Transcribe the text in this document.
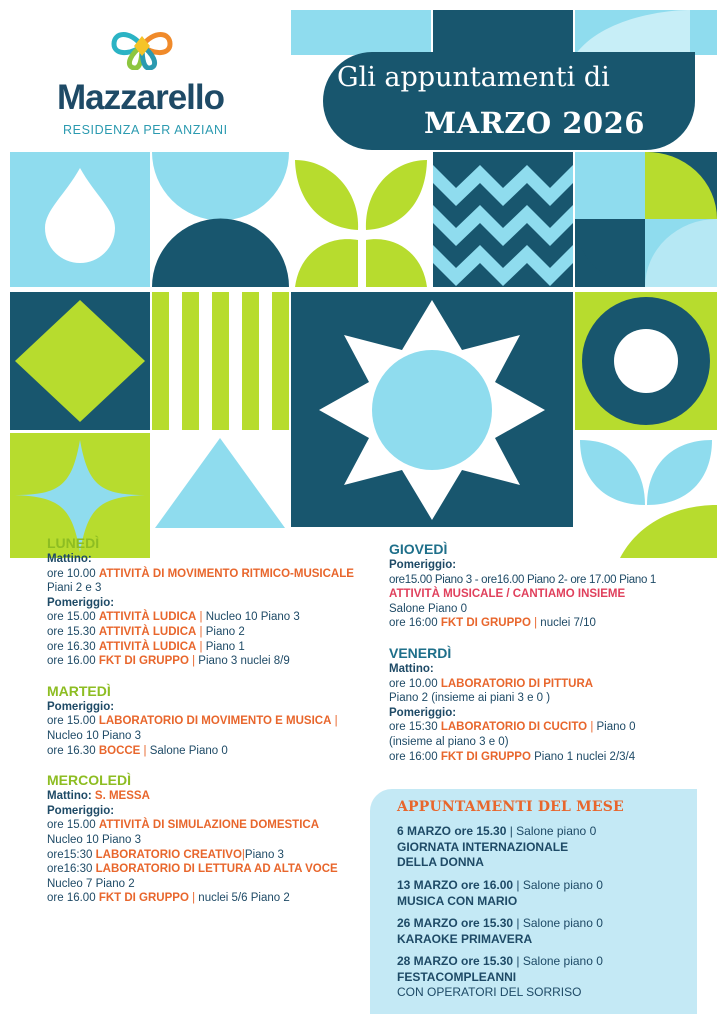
Mazzarello
RESIDENZA PER ANZIANI
Gli appuntamenti di
MARZO 2026

LUNEDÌ

Mattino:

ore 10.00 ATTIVITÀ DI MOVIMENTO RITMICO-MUSICALE

Piani 2 e 3

Pomeriggio:

ore 15.00 ATTIVITÀ LUDICA | Nucleo 10 Piano 3

ore 15.30 ATTIVITÀ LUDICA | Piano 2

ore 16.30 ATTIVITÀ LUDICA | Piano 1

ore 16.00 FKT DI GRUPPO | Piano 3 nuclei 8/9

MARTEDÌ

Pomeriggio:

ore 15.00 LABORATORIO DI MOVIMENTO E MUSICA |

Nucleo 10 Piano 3

ore 16.30 BOCCE | Salone Piano 0

MERCOLEDÌ

Mattino: S. MESSA

Pomeriggio:

ore 15.00 ATTIVITÀ DI SIMULAZIONE DOMESTICA

Nucleo 10 Piano 3

ore15:30 LABORATORIO CREATIVO|Piano 3

ore16:30 LABORATORIO DI LETTURA AD ALTA VOCE

Nucleo 7 Piano 2

ore 16.00 FKT DI GRUPPO | nuclei 5/6 Piano 2

GIOVEDÌ

Pomeriggio:

ore15.00 Piano 3 - ore16.00 Piano 2- ore 17.00 Piano 1

ATTIVITÀ MUSICALE / CANTIAMO INSIEME

Salone Piano 0

ore 16:00 FKT DI GRUPPO | nuclei 7/10

VENERDÌ

Mattino:

ore 10.00 LABORATORIO DI PITTURA

Piano 2 (insieme ai piani 3 e 0 )

Pomeriggio:

ore 15:30 LABORATORIO DI CUCITO | Piano 0

(insieme al piano 3 e 0)

ore 16:00 FKT DI GRUPPO Piano 1 nuclei 2/3/4

APPUNTAMENTI DEL MESE

6 MARZO ore 15.30 | Salone piano 0

GIORNATA INTERNAZIONALE

DELLA DONNA

13 MARZO ore 16.00 | Salone piano 0

MUSICA CON MARIO

26 MARZO ore 15.30 | Salone piano 0

KARAOKE PRIMAVERA

28 MARZO ore 15.30 | Salone piano 0

FESTACOMPLEANNI

CON OPERATORI DEL SORRISO
